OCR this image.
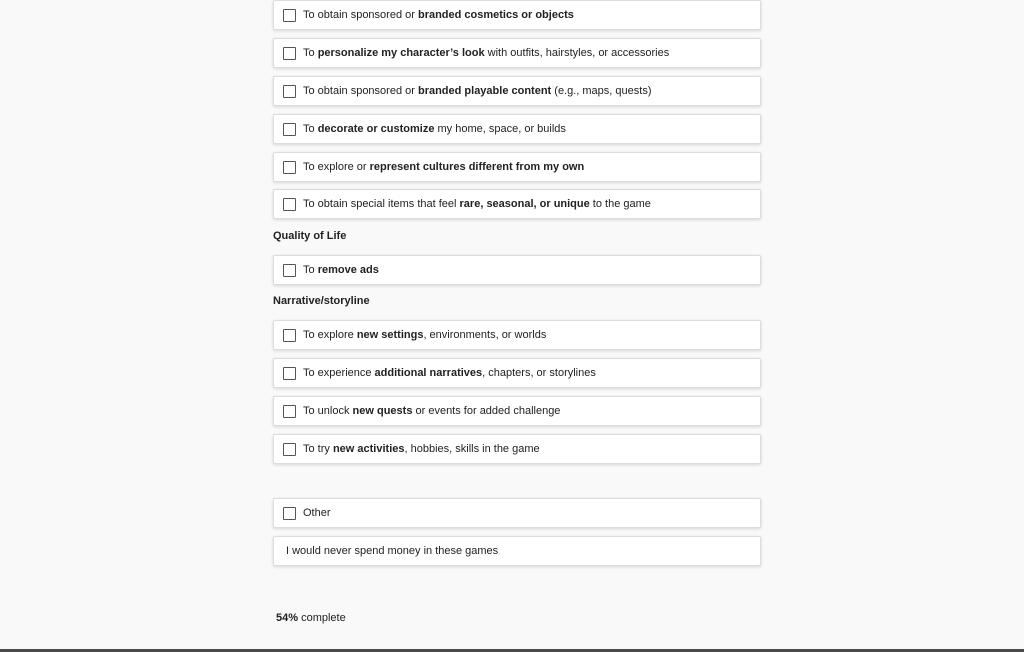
To obtain sponsored or branded cosmetics or objects
To personalize my character’s look with outfits, hairstyles, or accessories
To obtain sponsored or branded playable content (e.g., maps, quests)
To decorate or customize my home, space, or builds
To explore or represent cultures different from my own
To obtain special items that feel rare, seasonal, or unique to the game
Quality of Life
To remove ads
Narrative/storyline
To explore new settings, environments, or worlds
To experience additional narratives, chapters, or storylines
To unlock new quests or events for added challenge
To try new activities, hobbies, skills in the game
Other
I would never spend money in these games
54% complete
